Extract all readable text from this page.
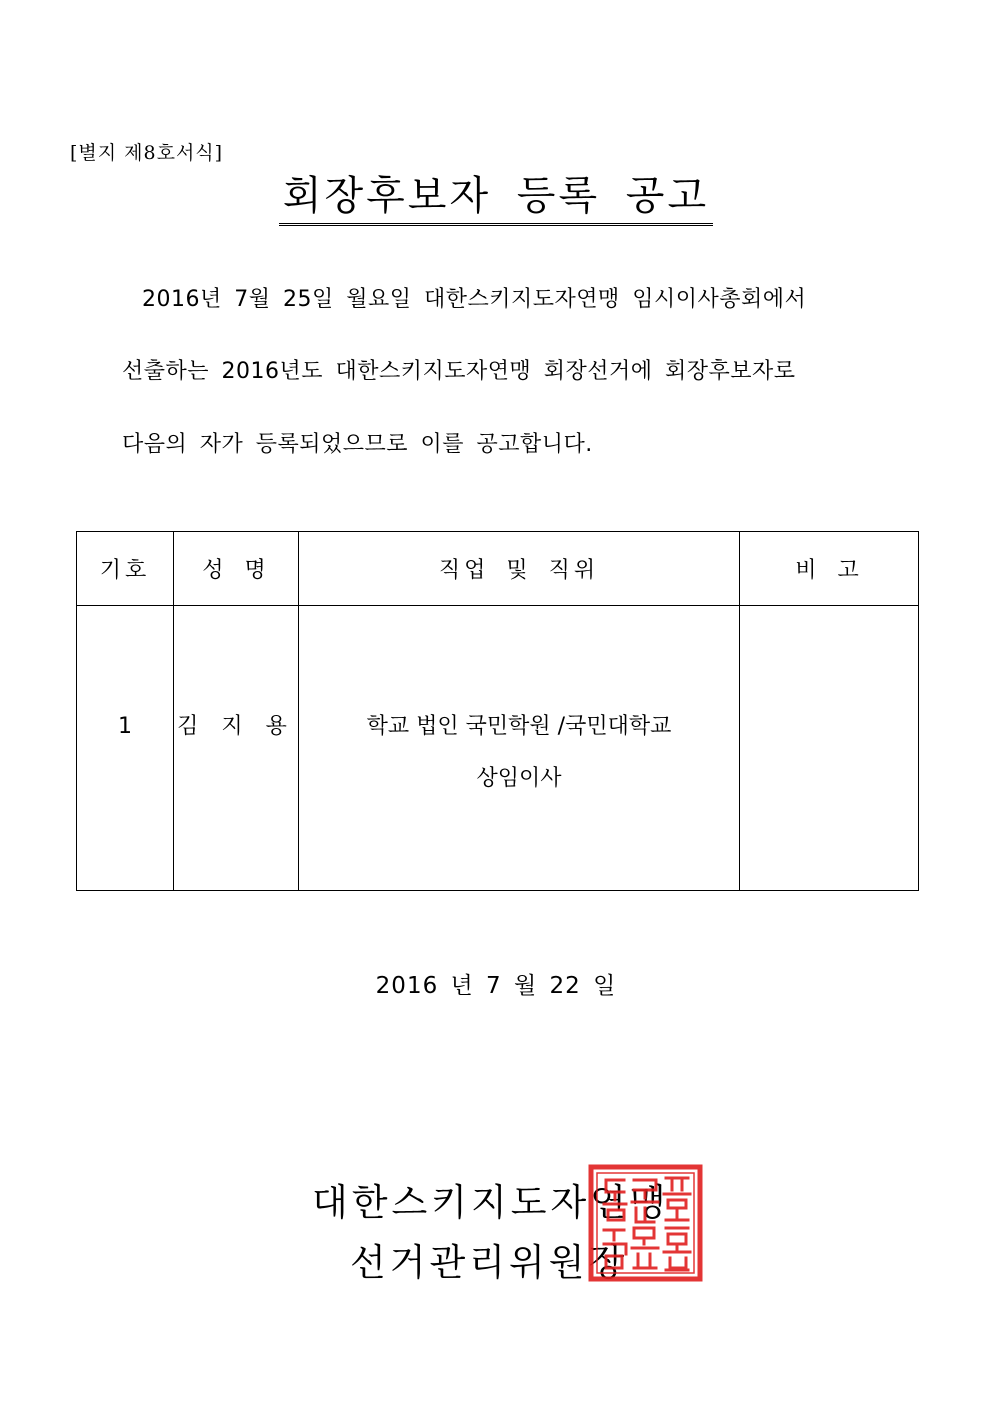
[별지 제8호서식]
회장후보자 등록 공고
2016년 7월 25일 월요일 대한스키지도자연맹 임시이사총회에서
선출하는 2016년도 대한스키지도자연맹 회장선거에 회장후보자로
다음의 자가 등록되었으므로 이를 공고합니다.
기호	성 명	직업 및 직위	비 고

1	김 지 용	학교 법인 국민학원 /국민대학교
상임이사	

2016 년 7 월 22 일
대한스키지도자연맹
선거관리위원장
